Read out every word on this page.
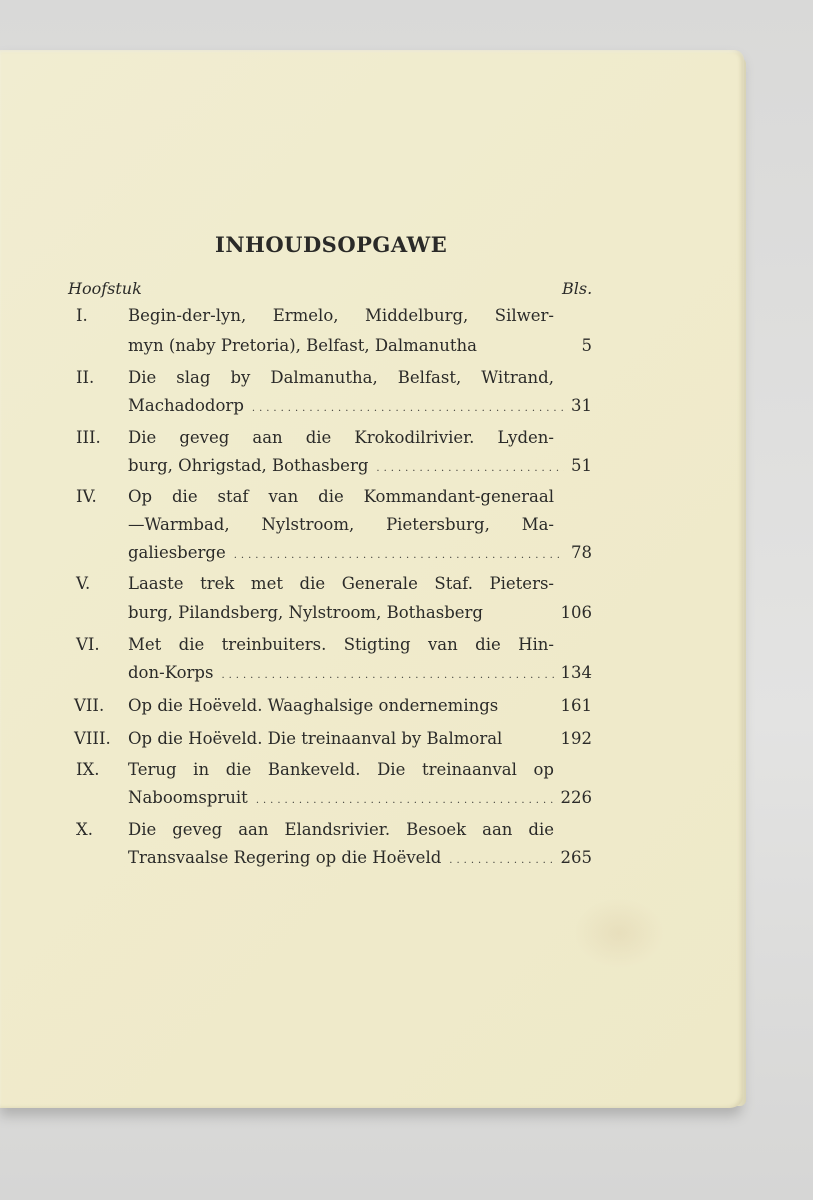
INHOUDSOPGAWE
Hoofstuk	Bls.
I. Begin-der-lyn, Ermelo, Middelburg, Silwer-
myn (naby Pretoria), Belfast, Dalmanutha	5
II. Die slag by Dalmanutha, Belfast, Witrand,
Machadodorp .....	31
III. Die geveg aan die Krokodilrivier. Lyden-
burg, Ohrigstad, Bothasberg .....	51
IV. Op die staf van die Kommandant-generaal
—Warmbad, Nylstroom, Pietersburg, Ma-
galiesberge .....	78
V. Laaste trek met die Generale Staf. Pieters-
burg, Pilandsberg, Nylstroom, Bothasberg	106
VI. Met die treinbuiters. Stigting van die Hin-
don-Korps .....	134
VII. Op die Hoëveld. Waaghalsige ondernemings	161
VIII. Op die Hoëveld. Die treinaanval by Balmoral	192
IX. Terug in die Bankeveld. Die treinaanval op
Naboomspruit .....	226
X. Die geveg aan Elandsrivier. Besoek aan die
Transvaalse Regering op die Hoëveld .....	265
